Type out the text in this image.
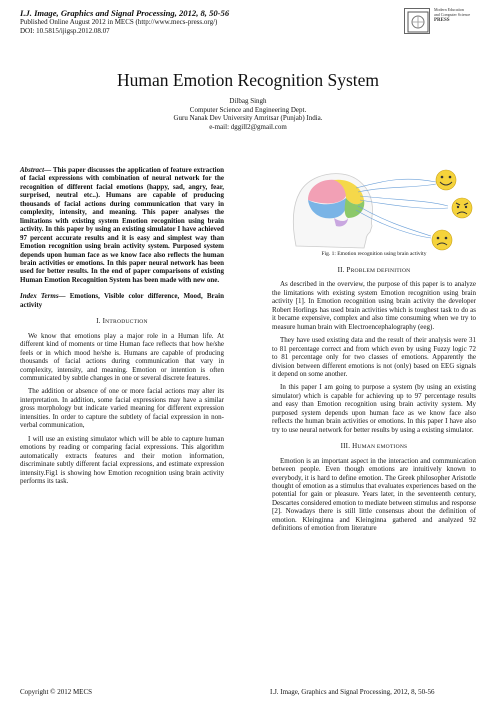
I.J. Image, Graphics and Signal Processing, 2012, 8, 50-56
Published Online August 2012 in MECS (http://www.mecs-press.org/)
DOI: 10.5815/ijigsp.2012.08.07
Modern Education
and Computer Science
PRESS
Human Emotion Recognition System
Dilbag Singh
Computer Science and Engineering Dept.
Guru Nanak Dev University Amritsar (Punjab) India.
e-mail: dggill2@gmail.com

Abstract— This paper discusses the application of feature extraction of facial expressions with combination of neural network for the recognition of different facial emotions (happy, sad, angry, fear, surprised, neutral etc..). Humans are capable of producing thousands of facial actions during communication that vary in complexity, intensity, and meaning. This paper analyses the limitations with existing system Emotion recognition using brain activity. In this paper by using an existing simulator I have achieved 97 percent accurate results and it is easy and simplest way than Emotion recognition using brain activity system. Purposed system depends upon human face as we know face also reflects the human brain activities or emotions. In this paper neural network has been used for better results. In the end of paper comparisons of existing Human Emotion Recognition System has been made with new one.

Index Terms— Emotions, Visible color difference, Mood, Brain activity

I. INTRODUCTION

We know that emotions play a major role in a Human life. At different kind of moments or time Human face reflects that how he/she feels or in which mood he/she is. Humans are capable of producing thousands of facial actions during communication that vary in complexity, intensity, and meaning. Emotion or intention is often communicated by subtle changes in one or several discrete features.

The addition or absence of one or more facial actions may alter its interpretation. In addition, some facial expressions may have a similar gross morphology but indicate varied meaning for different expression intensities. In order to capture the subtlety of facial expression in non-verbal communication,

I will use an existing simulator which will be able to capture human emotions by reading or comparing facial expressions. This algorithm automatically extracts features and their motion information, discriminate subtly different facial expressions, and estimate expression intensity.Fig1 is showing how Emotion recognition using brain activity performs its task.

Fig. 1: Emotion recognition using brain activity
II. PROBLEM DEFINITION

As described in the overview, the purpose of this paper is to analyze the limitations with existing system Emotion recognition using brain activity [1]. In Emotion recognition using brain activity the developer Robert Horlings has used brain activities which is toughest task to do as it became expensive, complex and also time consuming when we try to measure human brain with Electroencephalography (eeg).

They have used existing data and the result of their analysis were 31 to 81 percentage correct and from which even by using Fuzzy logic 72 to 81 percentage only for two classes of emotions. Apparently the division between different emotions is not (only) based on EEG signals it depend on some another.

In this paper I am going to purpose a system (by using an existing simulator) which is capable for achieving up to 97 percentage results and easy than Emotion recognition using brain activity system. My purposed system depends upon human face as we know face also reflects the human brain activities or emotions. In this paper I have also try to use neural network for better results by using a existing simulator.

III. HUMAN EMOTIONS

Emotion is an important aspect in the interaction and communication between people. Even though emotions are intuitively known to everybody, it is hard to define emotion. The Greek philosopher Aristotle thought of emotion as a stimulus that evaluates experiences based on the potential for gain or pleasure. Years later, in the seventeenth century, Descartes considered emotion to mediate between stimulus and response [2]. Nowadays there is still little consensus about the definition of emotion. Kleinginna and Kleinginna gathered and analyzed 92 definitions of emotion from literature

Copyright © 2012 MECS	I.J. Image, Graphics and Signal Processing, 2012, 8, 50-56
